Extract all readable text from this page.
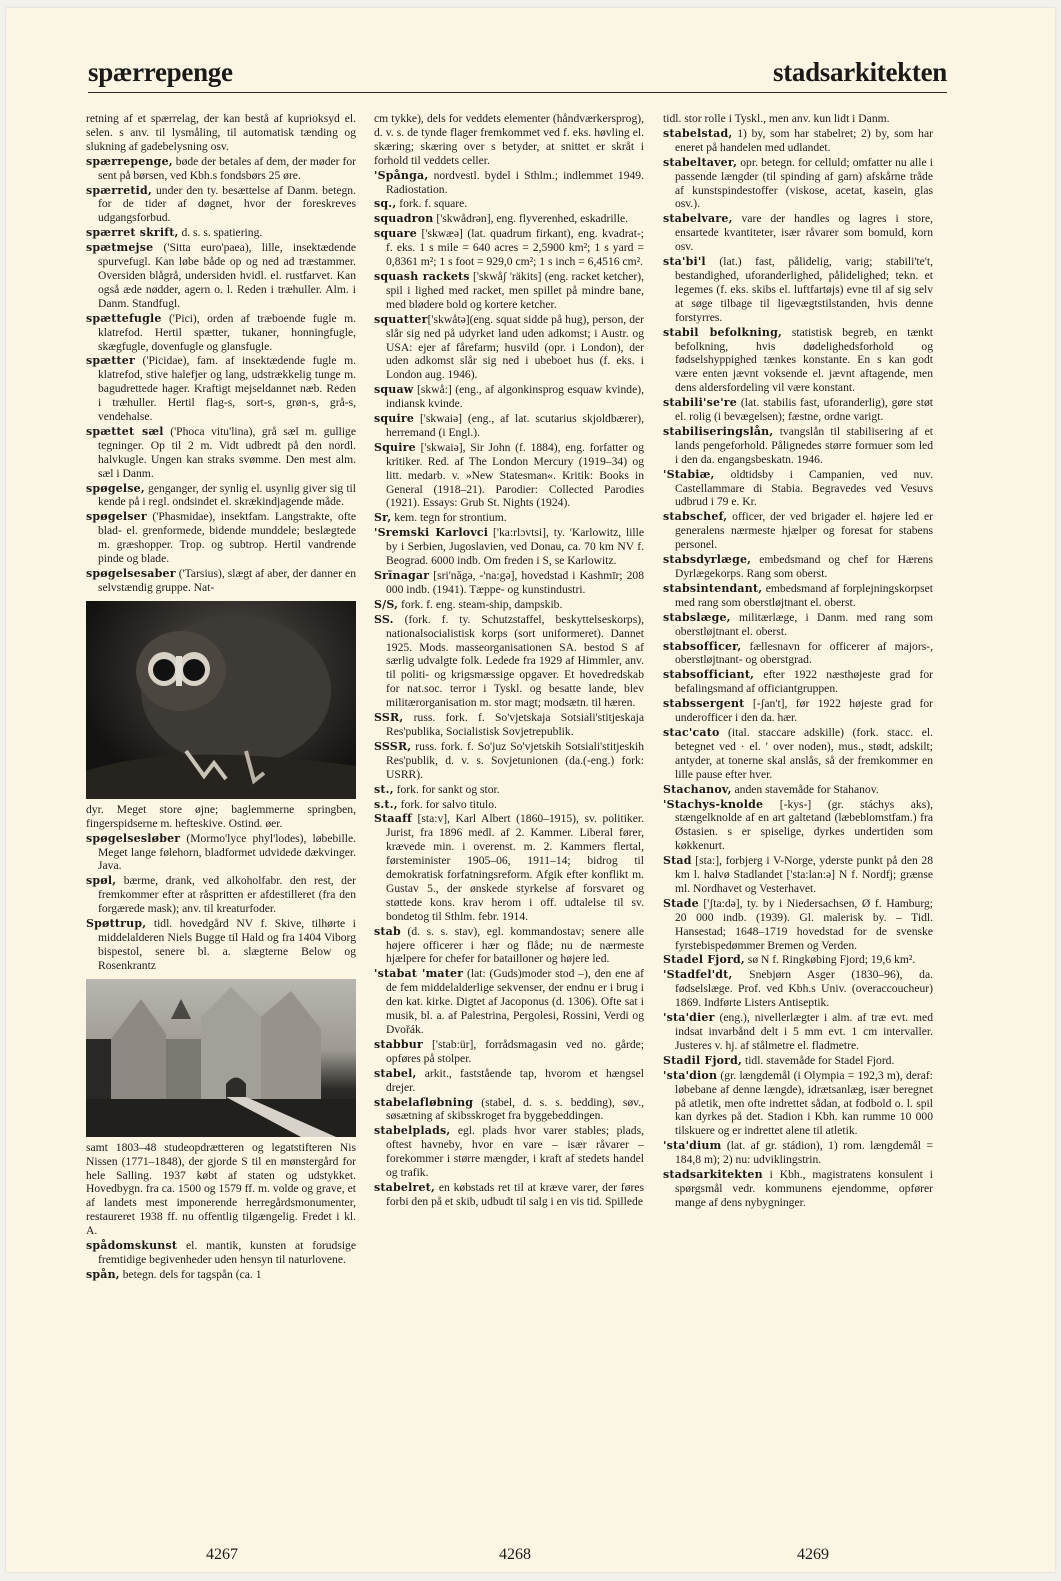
spærrepenge	stadsarkitekten

retning af et spærrelag, der kan bestå af kuprioksyd el. selen. s anv. til lysmåling, til automatisk tænding og slukning af gadebelysning osv.

spærrepenge, bøde der betales af dem, der møder for sent på børsen, ved Kbh.s fondsbørs 25 øre.

spærretid, under den ty. besættelse af Danm. betegn. for de tider af døgnet, hvor der foreskreves udgangsforbud.

spærret skrift, d. s. s. spatiering.

spætmejse ('Sitta euro'paea), lille, insektædende spurvefugl. Kan løbe både op og ned ad træstammer. Oversiden blågrå, undersiden hvidl. el. rustfarvet. Kan også æde nødder, agern o. l. Reden i træhuller. Alm. i Danm. Standfugl.

spættefugle ('Pici), orden af træboende fugle m. klatrefod. Hertil spætter, tukaner, honningfugle, skægfugle, dovenfugle og glansfugle.

spætter ('Picidae), fam. af insektædende fugle m. klatrefod, stive halefjer og lang, udstrækkelig tunge m. bagudrettede hager. Kraftigt mejseldannet næb. Reden i træhuller. Hertil flag-s, sort-s, grøn-s, grå-s, vendehalse.

spættet sæl ('Phoca vitu'lina), grå sæl m. gullige tegninger. Op til 2 m. Vidt udbredt på den nordl. halvkugle. Ungen kan straks svømme. Den mest alm. sæl i Danm.

spøgelse, genganger, der synlig el. usynlig giver sig til kende på i regl. ondsindet el. skrækindjagende måde.

spøgelser ('Phasmidae), insektfam. Langstrakte, ofte blad- el. grenformede, bidende munddele; beslægtede m. græshopper. Trop. og subtrop. Hertil vandrende pinde og blade.

spøgelsesaber ('Tarsius), slægt af aber, der danner en selvstændig gruppe. Nat-

dyr. Meget store øjne; baglemmerne springben, fingerspidserne m. hefteskive. Ostind. øer.

spøgelsesløber (Mormo'lyce phyl'lodes), løbebille. Meget lange følehorn, bladformet udvidede dækvinger. Java.

spøl, bærme, drank, ved alkoholfabr. den rest, der fremkommer efter at råspritten er afdestilleret (fra den forgærede mask); anv. til kreaturfoder.

Spøttrup, tidl. hovedgård NV f. Skive, tilhørte i middelalderen Niels Bugge til Hald og fra 1404 Viborg bispestol, senere bl. a. slægterne Below og Rosenkrantz

samt 1803–48 studeopdrætteren og legatstifteren Nis Nissen (1771–1848), der gjorde S til en mønstergård for hele Salling. 1937 købt af staten og udstykket. Hovedbygn. fra ca. 1500 og 1579 ff. m. volde og grave, et af landets mest imponerende herregårdsmonumenter, restaureret 1938 ff. nu offentlig tilgængelig. Fredet i kl. A.

spådomskunst el. mantik, kunsten at forudsige fremtidige begivenheder uden hensyn til naturlovene.

spån, betegn. dels for tagspån (ca. 1

cm tykke), dels for veddets elementer (håndværkersprog), d. v. s. de tynde flager fremkommet ved f. eks. høvling el. skæring; skæring over s betyder, at snittet er skråt i forhold til veddets celler.

'Spånga, nordvestl. bydel i Sthlm.; indlemmet 1949. Radiostation.

sq., fork. f. square.

squadron ['skwådrən], eng. flyverenhed, eskadrille.

square ['skwæə] (lat. quadrum firkant), eng. kvadrat-; f. eks. 1 s mile = 640 acres = 2,5900 km²; 1 s yard = 0,8361 m²; 1 s foot = 929,0 cm²; 1 s inch = 6,4516 cm².

squash rackets ['skwåʃ 'räkits] (eng. racket ketcher), spil i lighed med racket, men spillet på mindre bane, med blødere bold og kortere ketcher.

squatter['skwåtə](eng. squat sidde på hug), person, der slår sig ned på udyrket land uden adkomst; i Austr. og USA: ejer af fårefarm; husvild (opr. i London), der uden adkomst slår sig ned i ubeboet hus (f. eks. i London aug. 1946).

squaw [skwå:] (eng., af algonkinsprog esquaw kvinde), indiansk kvinde.

squire ['skwaiə] (eng., af lat. scutarius skjoldbærer), herremand (i Engl.).

Squire ['skwaiə], Sir John (f. 1884), eng. forfatter og kritiker. Red. af The London Mercury (1919–34) og litt. medarb. v. »New Statesman«. Kritik: Books in General (1918–21). Parodier: Collected Parodies (1921). Essays: Grub St. Nights (1924).

Sr, kem. tegn for strontium.

'Sremski Karlovci ['ka:rlɔvtsi], ty. 'Karlowitz, lille by i Serbien, Jugoslavien, ved Donau, ca. 70 km NV f. Beograd. 6000 indb. Om freden i S, se Karlowitz.

Srīnagar [sri'năgə, -'na:gə], hovedstad i Kashmīr; 208 000 indb. (1941). Tæppe- og kunstindustri.

S/S, fork. f. eng. steam-ship, dampskib.

SS. (fork. f. ty. Schutzstaffel, beskyttelseskorps), nationalsocialistisk korps (sort uniformeret). Dannet 1925. Mods. masseorganisationen SA. bestod S af særlig udvalgte folk. Ledede fra 1929 af Himmler, anv. til politi- og krigsmæssige opgaver. Et hovedredskab for nat.soc. terror i Tyskl. og besatte lande, blev militærorganisation m. stor magt; modsætn. til hæren.

SSR, russ. fork. f. So'vjetskaja Sotsiali'stitjeskaja Res'publika, Socialistisk Sovjetrepublik.

SSSR, russ. fork. f. So'juz So'vjetskih Sotsiali'stitjeskih Res'publik, d. v. s. Sovjetunionen (da.(-eng.) fork: USRR).

st., fork. for sankt og stor.

s.t., fork. for salvo titulo.

Staaff [sta:v], Karl Albert (1860–1915), sv. politiker. Jurist, fra 1896 medl. af 2. Kammer. Liberal fører, krævede min. i overenst. m. 2. Kammers flertal, førsteminister 1905–06, 1911–14; bidrog til demokratisk forfatningsreform. Afgik efter konflikt m. Gustav 5., der ønskede styrkelse af forsvaret og støttede kons. krav herom i off. udtalelse til sv. bondetog til Sthlm. febr. 1914.

stab (d. s. s. stav), egl. kommandostav; senere alle højere officerer i hær og flåde; nu de nærmeste hjælpere for chefer for batailloner og højere led.

'stabat 'mater (lat: (Guds)moder stod –), den ene af de fem middelalderlige sekvenser, der endnu er i brug i den kat. kirke. Digtet af Jacoponus (d. 1306). Ofte sat i musik, bl. a. af Palestrina, Pergolesi, Rossini, Verdi og Dvořák.

stabbur ['stab:ür], forrådsmagasin ved no. gårde; opføres på stolper.

stabel, arkit., faststående tap, hvorom et hængsel drejer.

stabelafløbning (stabel, d. s. s. bedding), søv., søsætning af skibsskroget fra byggebeddingen.

stabelplads, egl. plads hvor varer stables; plads, oftest havneby, hvor en vare – især råvarer – forekommer i større mængder, i kraft af stedets handel og trafik.

stabelret, en købstads ret til at kræve varer, der føres forbi den på et skib, udbudt til salg i en vis tid. Spillede

tidl. stor rolle i Tyskl., men anv. kun lidt i Danm.

stabelstad, 1) by, som har stabelret; 2) by, som har eneret på handelen med udlandet.

stabeltaver, opr. betegn. for celluld; omfatter nu alle i passende længder (til spinding af garn) afskårne tråde af kunstspindestoffer (viskose, acetat, kasein, glas osv.).

stabelvare, vare der handles og lagres i store, ensartede kvantiteter, især råvarer som bomuld, korn osv.

sta'bi'l (lat.) fast, pålidelig, varig; stabili'te't, bestandighed, uforanderlighed, pålidelighed; tekn. et legemes (f. eks. skibs el. luftfartøjs) evne til af sig selv at søge tilbage til ligevægtstilstanden, hvis denne forstyrres.

stabil befolkning, statistisk begreb, en tænkt befolkning, hvis dødelighedsforhold og fødselshyppighed tænkes konstante. En s kan godt være enten jævnt voksende el. jævnt aftagende, men dens aldersfordeling vil være konstant.

stabili'se're (lat. stabilis fast, uforanderlig), gøre støt el. rolig (i bevægelsen); fæstne, ordne varigt.

stabiliseringslån, tvangslån til stabilisering af et lands pengeforhold. Pålignedes større formuer som led i den da. engangsbeskatn. 1946.

'Stabiæ, oldtidsby i Campanien, ved nuv. Castellammare di Stabia. Begravedes ved Vesuvs udbrud i 79 e. Kr.

stabschef, officer, der ved brigader el. højere led er generalens nærmeste hjælper og foresat for stabens personel.

stabsdyrlæge, embedsmand og chef for Hærens Dyrlægekorps. Rang som oberst.

stabsintendant, embedsmand af forplejningskorpset med rang som oberstløjtnant el. oberst.

stabslæge, militærlæge, i Danm. med rang som oberstløjtnant el. oberst.

stabsofficer, fællesnavn for officerer af majors-, oberstløjtnant- og oberstgrad.

stabsofficiant, efter 1922 næsthøjeste grad for befalingsmand af officiantgruppen.

stabssergent [-ʃan't], før 1922 højeste grad for underofficer i den da. hær.

stac'cato (ital. staccare adskille) (fork. stacc. el. betegnet ved · el. ′ over noden), mus., stødt, adskilt; antyder, at tonerne skal anslås, så der fremkommer en lille pause efter hver.

Stachanov, anden stavemåde for Stahanov.

'Stachys-knolde [-kys-] (gr. stáchys aks), stængelknolde af en art galtetand (læbeblomstfam.) fra Østasien. s er spiselige, dyrkes undertiden som køkkenurt.

Stad [sta:], forbjerg i V-Norge, yderste punkt på den 28 km l. halvø Stadlandet ['sta:lan:ə] N f. Nordfj; grænse ml. Nordhavet og Vesterhavet.

Stade ['ʃta:də], ty. by i Niedersachsen, Ø f. Hamburg; 20 000 indb. (1939). Gl. malerisk by. – Tidl. Hansestad; 1648–1719 hovedstad for de svenske fyrstebispedømmer Bremen og Verden.

Stadel Fjord, sø N f. Ringkøbing Fjord; 19,6 km².

'Stadfel'dt, Snebjørn Asger (1830–96), da. fødselslæge. Prof. ved Kbh.s Univ. (overaccoucheur) 1869. Indførte Listers Antiseptik.

'sta'dier (eng.), nivellerlægter i alm. af træ evt. med indsat invarbånd delt i 5 mm evt. 1 cm intervaller. Justeres v. hj. af stålmetre el. fladmetre.

Stadil Fjord, tidl. stavemåde for Stadel Fjord.

'sta'dion (gr. længdemål (i Olympia = 192,3 m), deraf: løbebane af denne længde), idrætsanlæg, især beregnet på atletik, men ofte indrettet sådan, at fodbold o. l. spil kan dyrkes på det. Stadion i Kbh. kan rumme 10 000 tilskuere og er indrettet alene til atletik.

'sta'dium (lat. af gr. stádion), 1) rom. længdemål = 184,8 m); 2) nu: udviklingstrin.

stadsarkitekten i Kbh., magistratens konsulent i spørgsmål vedr. kommunens ejendomme, opfører mange af dens nybygninger.

4267	4268	4269
